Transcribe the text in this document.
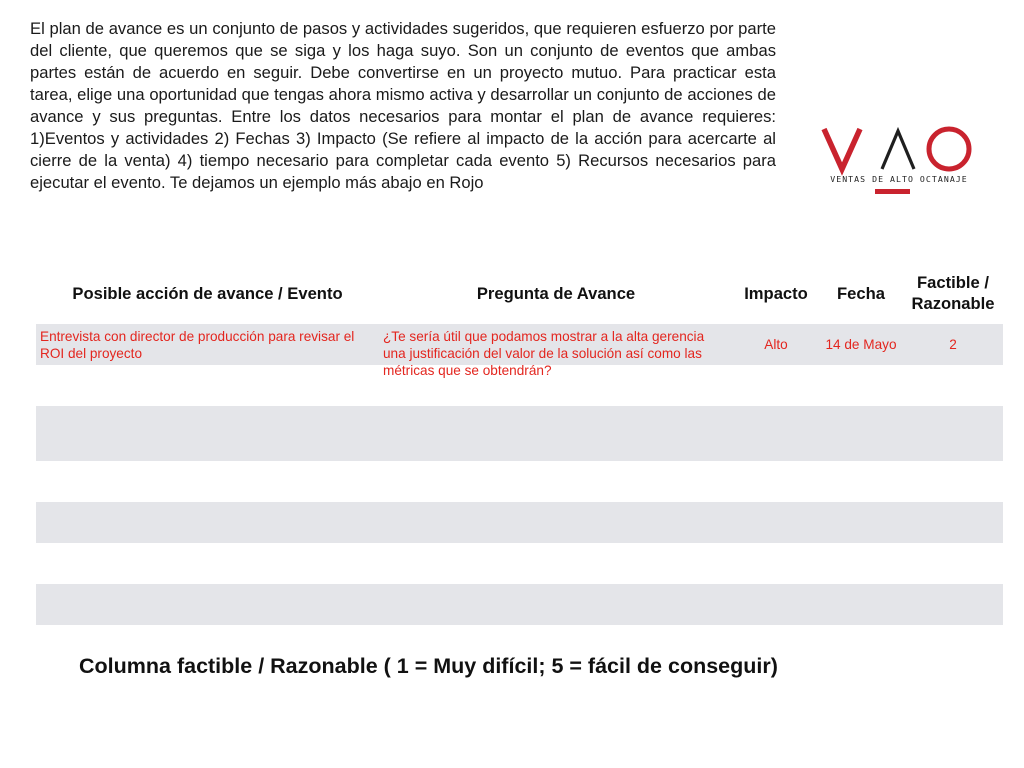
El plan de avance es un conjunto de pasos y actividades sugeridos, que requieren esfuerzo por parte del cliente, que queremos que se siga y los haga suyo. Son un conjunto de eventos que ambas partes están de acuerdo en seguir. Debe convertirse en un proyecto mutuo. Para practicar esta tarea, elige una oportunidad que tengas ahora mismo activa y desarrollar un conjunto de acciones de avance y sus preguntas. Entre los datos necesarios para montar el plan de avance requieres: 1)Eventos y actividades 2) Fechas 3) Impacto (Se refiere al impacto de la acción para acercarte al cierre de la venta) 4) tiempo necesario para completar cada evento 5) Recursos necesarios para ejecutar el evento. Te dejamos un ejemplo más abajo en Rojo	VENTAS DE ALTO OCTANAJE
Posible acción de avance / Evento	Pregunta de Avance	Impacto	Fecha	Factible / Razonable

Entrevista con director de producción para revisar el ROI del proyecto	¿Te sería útil que podamos mostrar a la alta gerencia una justificación del valor de la solución así como las métricas que se obtendrán?	Alto	14 de Mayo	2

Columna factible / Razonable ( 1 = Muy difícil; 5 = fácil de conseguir)
